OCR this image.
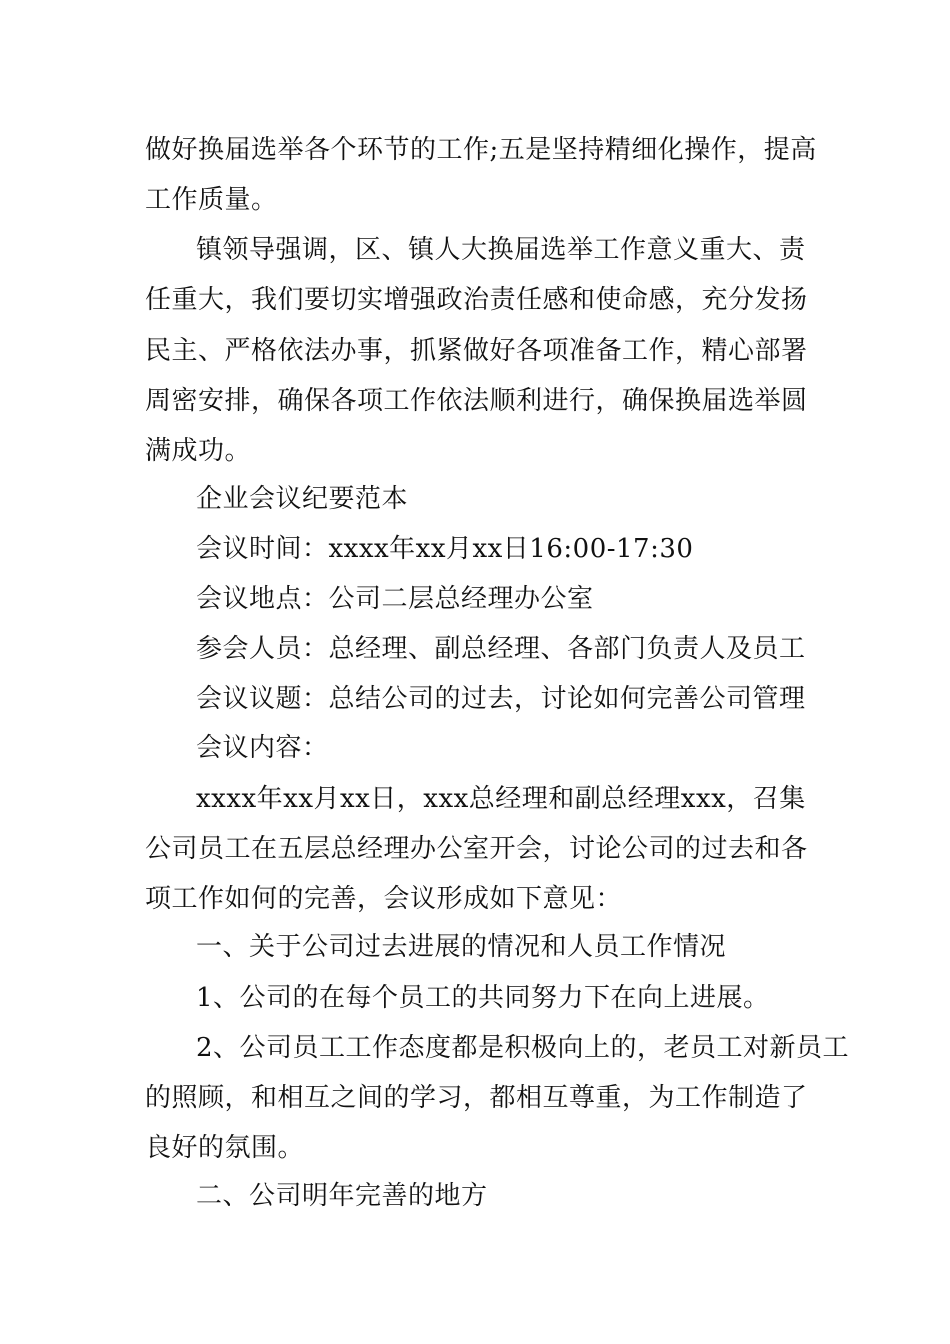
做好换届选举各个环节的工作;五是坚持精细化操作，提高
工作质量。
镇领导强调，区、镇人大换届选举工作意义重大、责
任重大，我们要切实增强政治责任感和使命感，充分发扬
民主、严格依法办事，抓紧做好各项准备工作，精心部署
周密安排，确保各项工作依法顺利进行，确保换届选举圆
满成功。
企业会议纪要范本
会议时间：xxxx年xx月xx日16:00-17:30
会议地点：公司二层总经理办公室
参会人员：总经理、副总经理、各部门负责人及员工
会议议题：总结公司的过去，讨论如何完善公司管理
会议内容：
xxxx年xx月xx日，xxx总经理和副总经理xxx，召集
公司员工在五层总经理办公室开会，讨论公司的过去和各
项工作如何的完善，会议形成如下意见：
一、关于公司过去进展的情况和人员工作情况
1、公司的在每个员工的共同努力下在向上进展。
2、公司员工工作态度都是积极向上的，老员工对新员工
的照顾，和相互之间的学习，都相互尊重，为工作制造了
良好的氛围。
二、公司明年完善的地方
